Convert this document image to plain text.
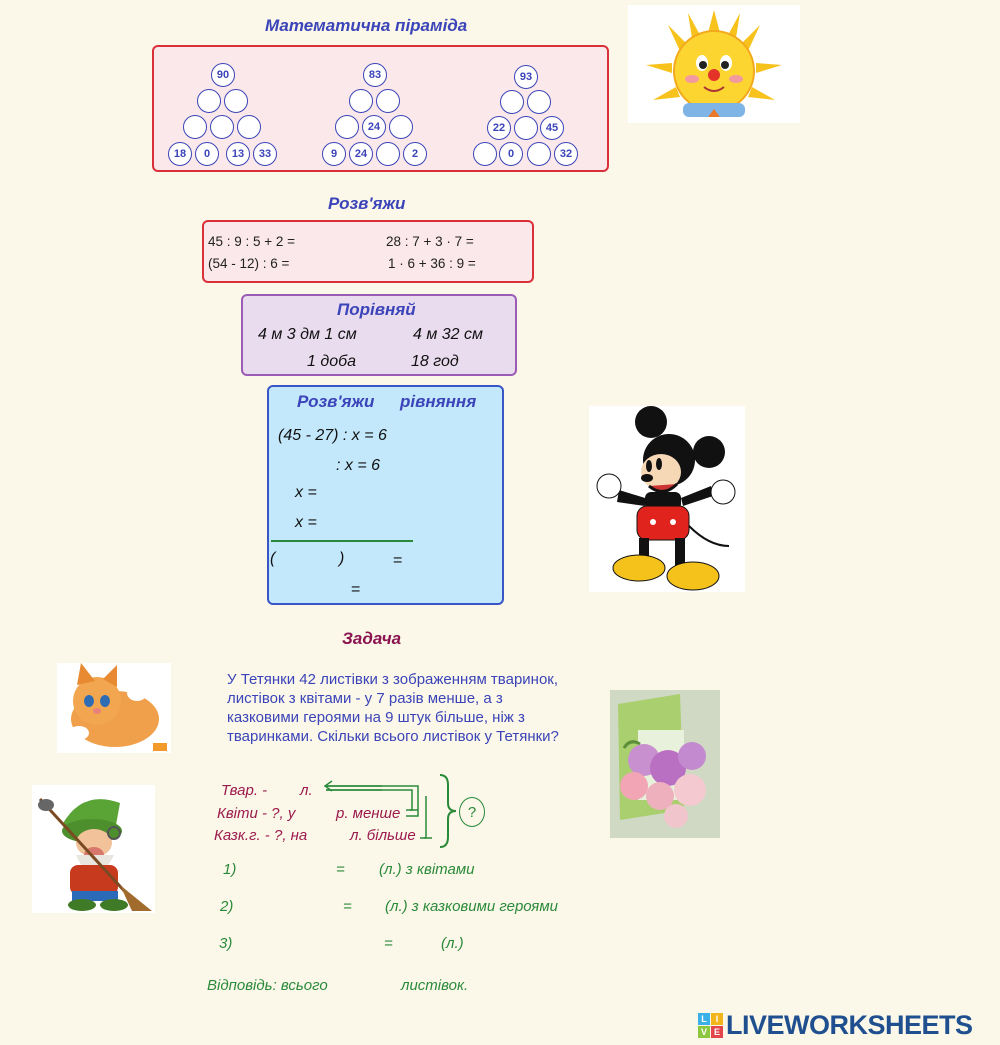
Математична піраміда
90
18	0	13	33
83
24
9	24	2
93
22	45
0	32
Розв'яжи
45 : 9 : 5 + 2 =	28 : 7 + 3 · 7 =
(54 - 12) : 6 =	1 · 6 + 36 : 9 =
Порівняй
4 м 3 дм 1 см	4 м 32 см
1 доба	18 год
Розв'яжи рівняння
(45 - 27) : x = 6
: x = 6
x =
x =
(	)	=
=
Задача
У Тетянки 42 листівки з зображенням тваринок, листівок з квітами - у 7 разів менше, а з казковими героями на 9 штук більше, ніж з тваринками. Скільки всього листівок у Тетянки?
Твар. - л.
Квіти - ?, у	р. менше
Казк.г. - ?, на	л. більше
?
1)	= (л.) з квітами
2)	= (л.) з казковими героями
3)	=	(л.)
Відповідь: всього	листівок.
L I
V E LIVEWORKSHEETS
